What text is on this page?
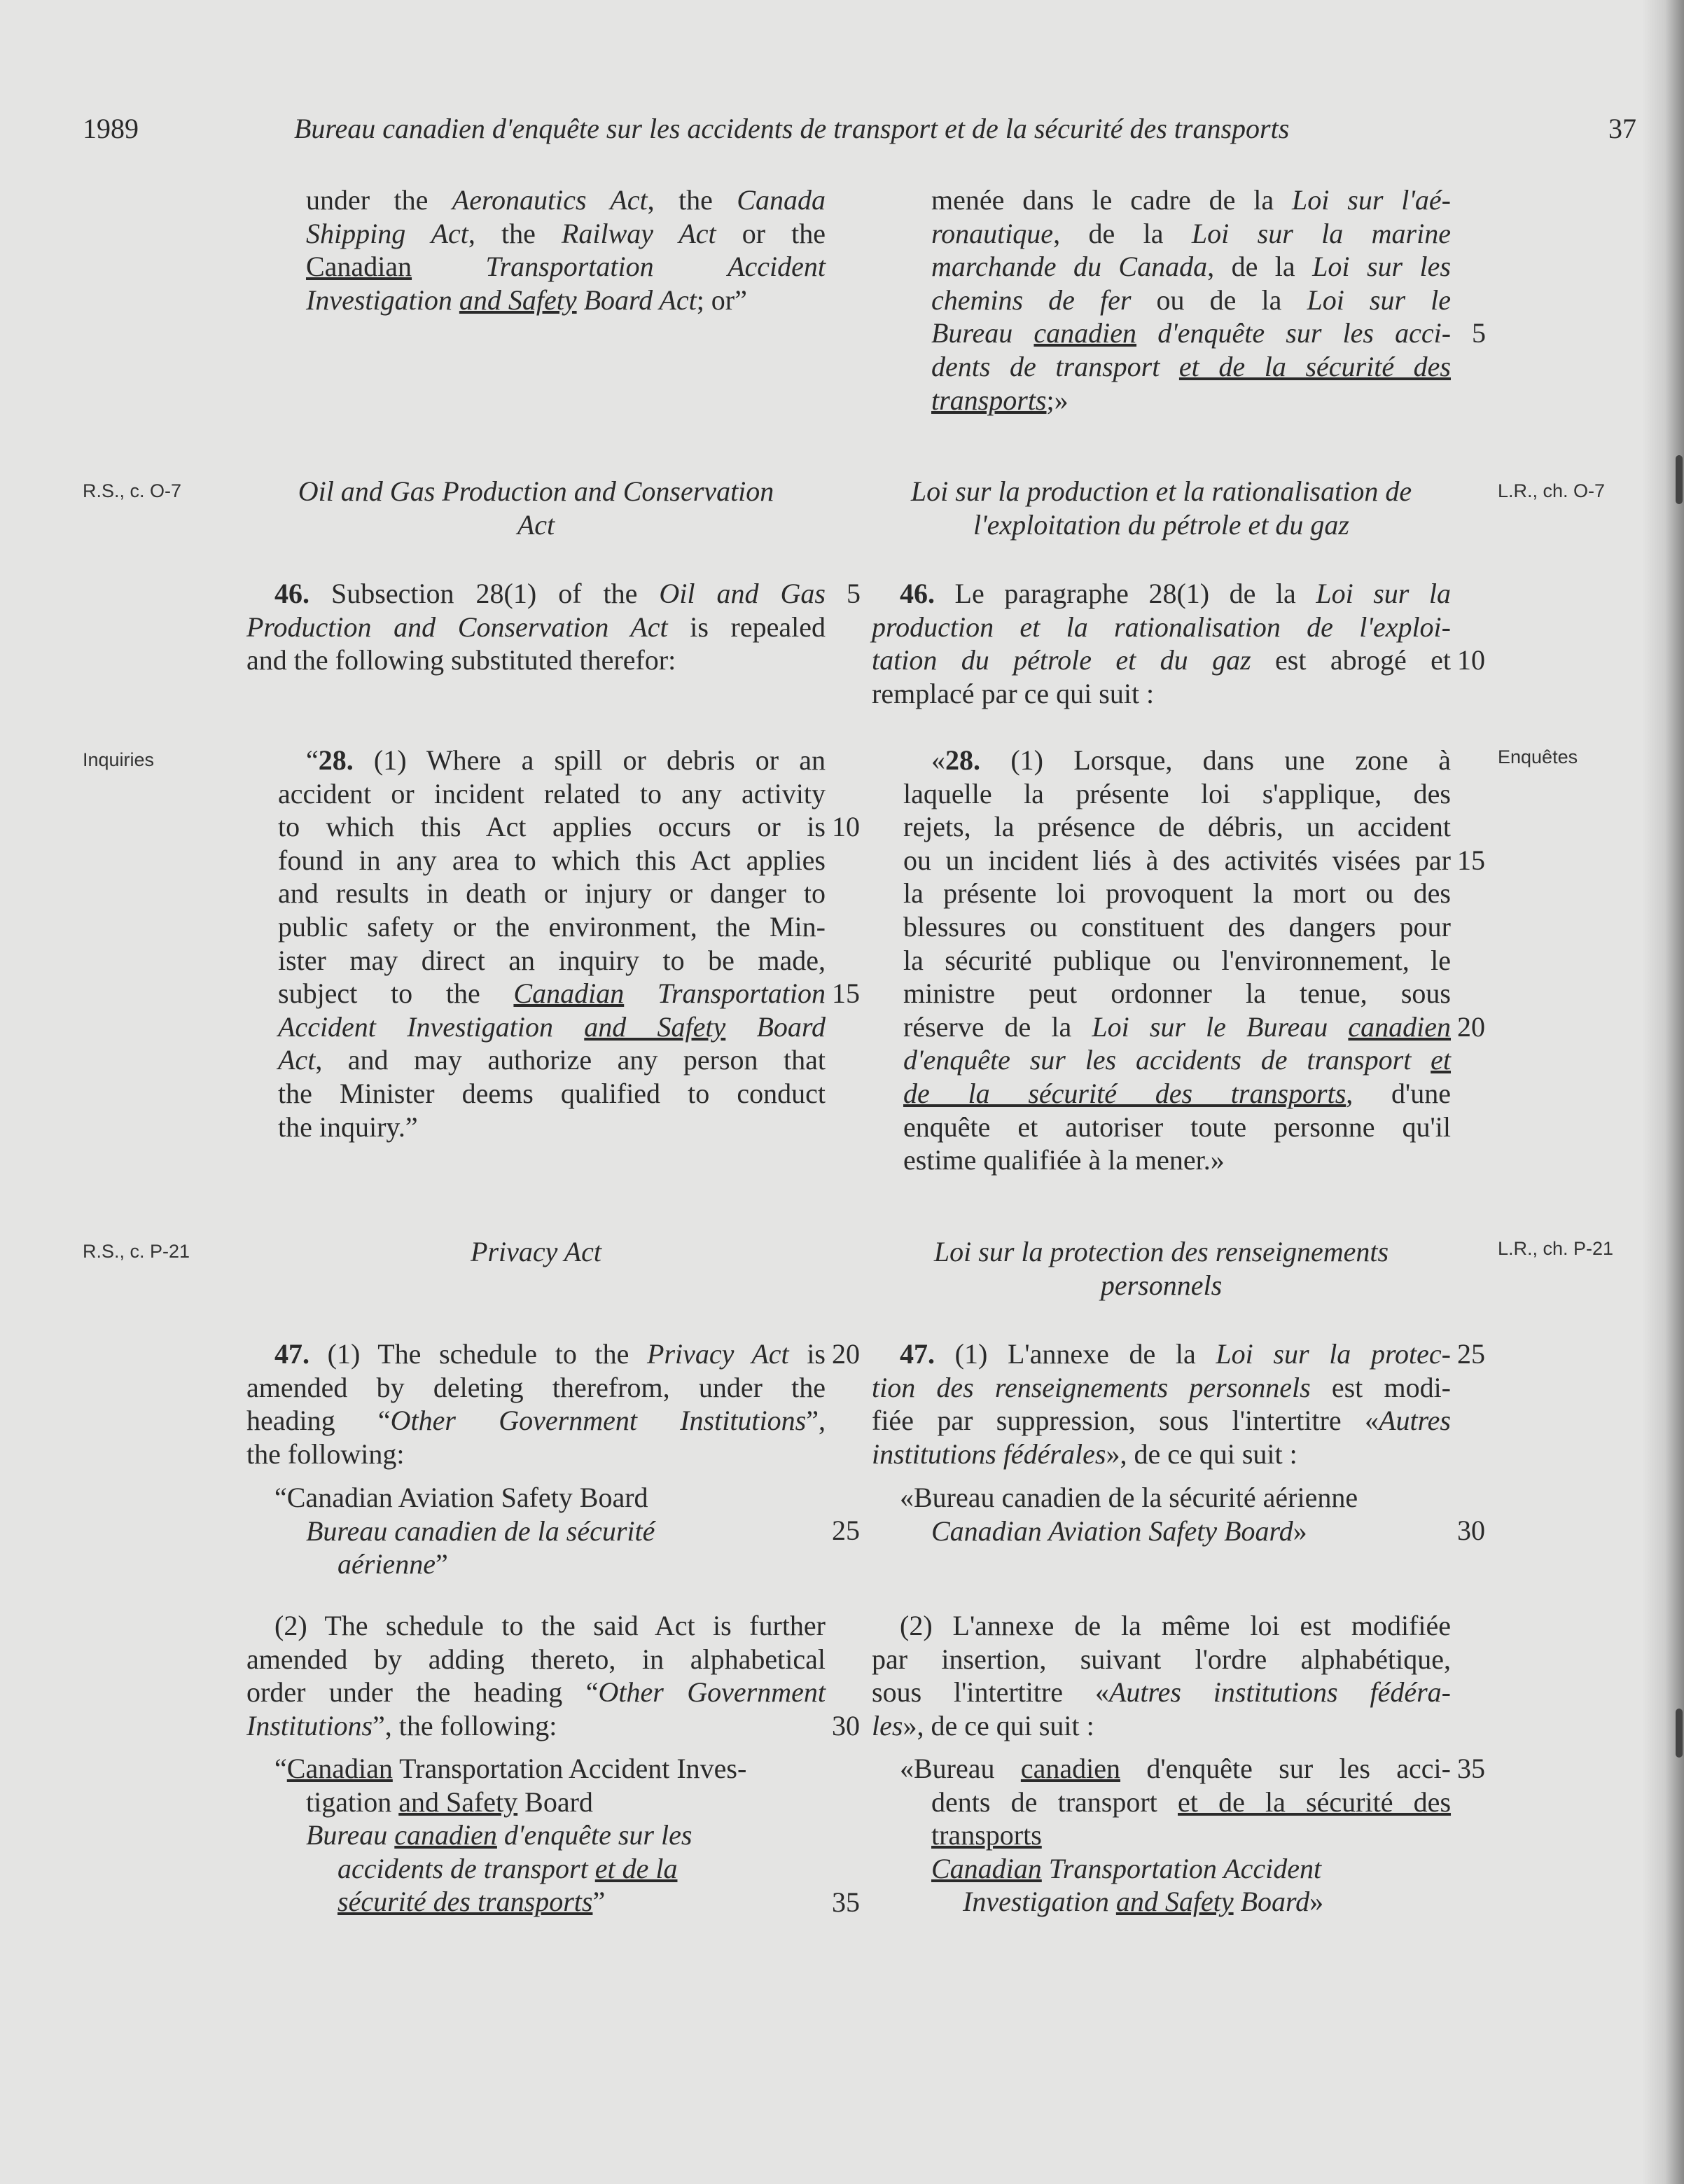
1989	Bureau canadien d'enquête sur les accidents de transport et de la sécurité des transports	37
R.S., c. O-7
Inquiries
R.S., c. P-21
L.R., ch. O-7
Enquêtes
L.R., ch. P-21
under the Aeronautics Act, the Canada
Shipping Act, the Railway Act or the
Canadian	Transportation	Accident
Investigation and Safety Board Act; or”
Oil and Gas Production and Conservation
Act
46. Subsection 28(1) of the Oil and Gas
Production and Conservation Act is repealed
and the following substituted therefor:
“28. (1) Where a spill or debris or an
accident or incident related to any activity
to which this Act applies occurs or is
found in any area to which this Act applies
and results in death or injury or danger to
public safety or the environment, the Min-
ister may direct an inquiry to be made,
subject to the Canadian Transportation
Accident Investigation and Safety Board
Act, and may authorize any person that
the Minister deems qualified to conduct
the inquiry.”
Privacy Act
47. (1) The schedule to the Privacy Act is
amended by deleting therefrom, under the
heading “Other Government Institutions”,
the following:
“Canadian Aviation Safety Board
Bureau canadien de la sécurité
aérienne”
(2) The schedule to the said Act is further
amended by adding thereto, in alphabetical
order under the heading “Other Government
Institutions”, the following:
“Canadian Transportation Accident Inves-
tigation and Safety Board
Bureau canadien d'enquête sur les
accidents de transport et de la
sécurité des transports”
5
10
15
20
25
30
35
menée dans le cadre de la Loi sur l'aé-
ronautique, de la Loi sur la marine
marchande du Canada, de la Loi sur les
chemins de fer ou de la Loi sur le
Bureau canadien d'enquête sur les acci-
dents de transport et de la sécurité des
transports;»
Loi sur la production et la rationalisation de
l'exploitation du pétrole et du gaz
46. Le paragraphe 28(1) de la Loi sur la
production et la rationalisation de l'exploi-
tation du pétrole et du gaz est abrogé et
remplacé par ce qui suit :
«28. (1) Lorsque, dans une zone à
laquelle la présente loi s'applique, des
rejets, la présence de débris, un accident
ou un incident liés à des activités visées par
la présente loi provoquent la mort ou des
blessures ou constituent des dangers pour
la sécurité publique ou l'environnement, le
ministre peut ordonner la tenue, sous
réserve de la Loi sur le Bureau canadien
d'enquête sur les accidents de transport et
de la sécurité des transports, d'une
enquête et autoriser toute personne qu'il
estime qualifiée à la mener.»
Loi sur la protection des renseignements
personnels
47. (1) L'annexe de la Loi sur la protec-
tion des renseignements personnels est modi-
fiée par suppression, sous l'intertitre «Autres
institutions fédérales», de ce qui suit :
«Bureau canadien de la sécurité aérienne
Canadian Aviation Safety Board»
(2) L'annexe de la même loi est modifiée
par insertion, suivant l'ordre alphabétique,
sous l'intertitre «Autres institutions fédéra-
les», de ce qui suit :
«Bureau canadien d'enquête sur les acci-
dents de transport et de la sécurité des
transports
Canadian Transportation Accident
Investigation and Safety Board»
5
10
15
20
25
30
35
